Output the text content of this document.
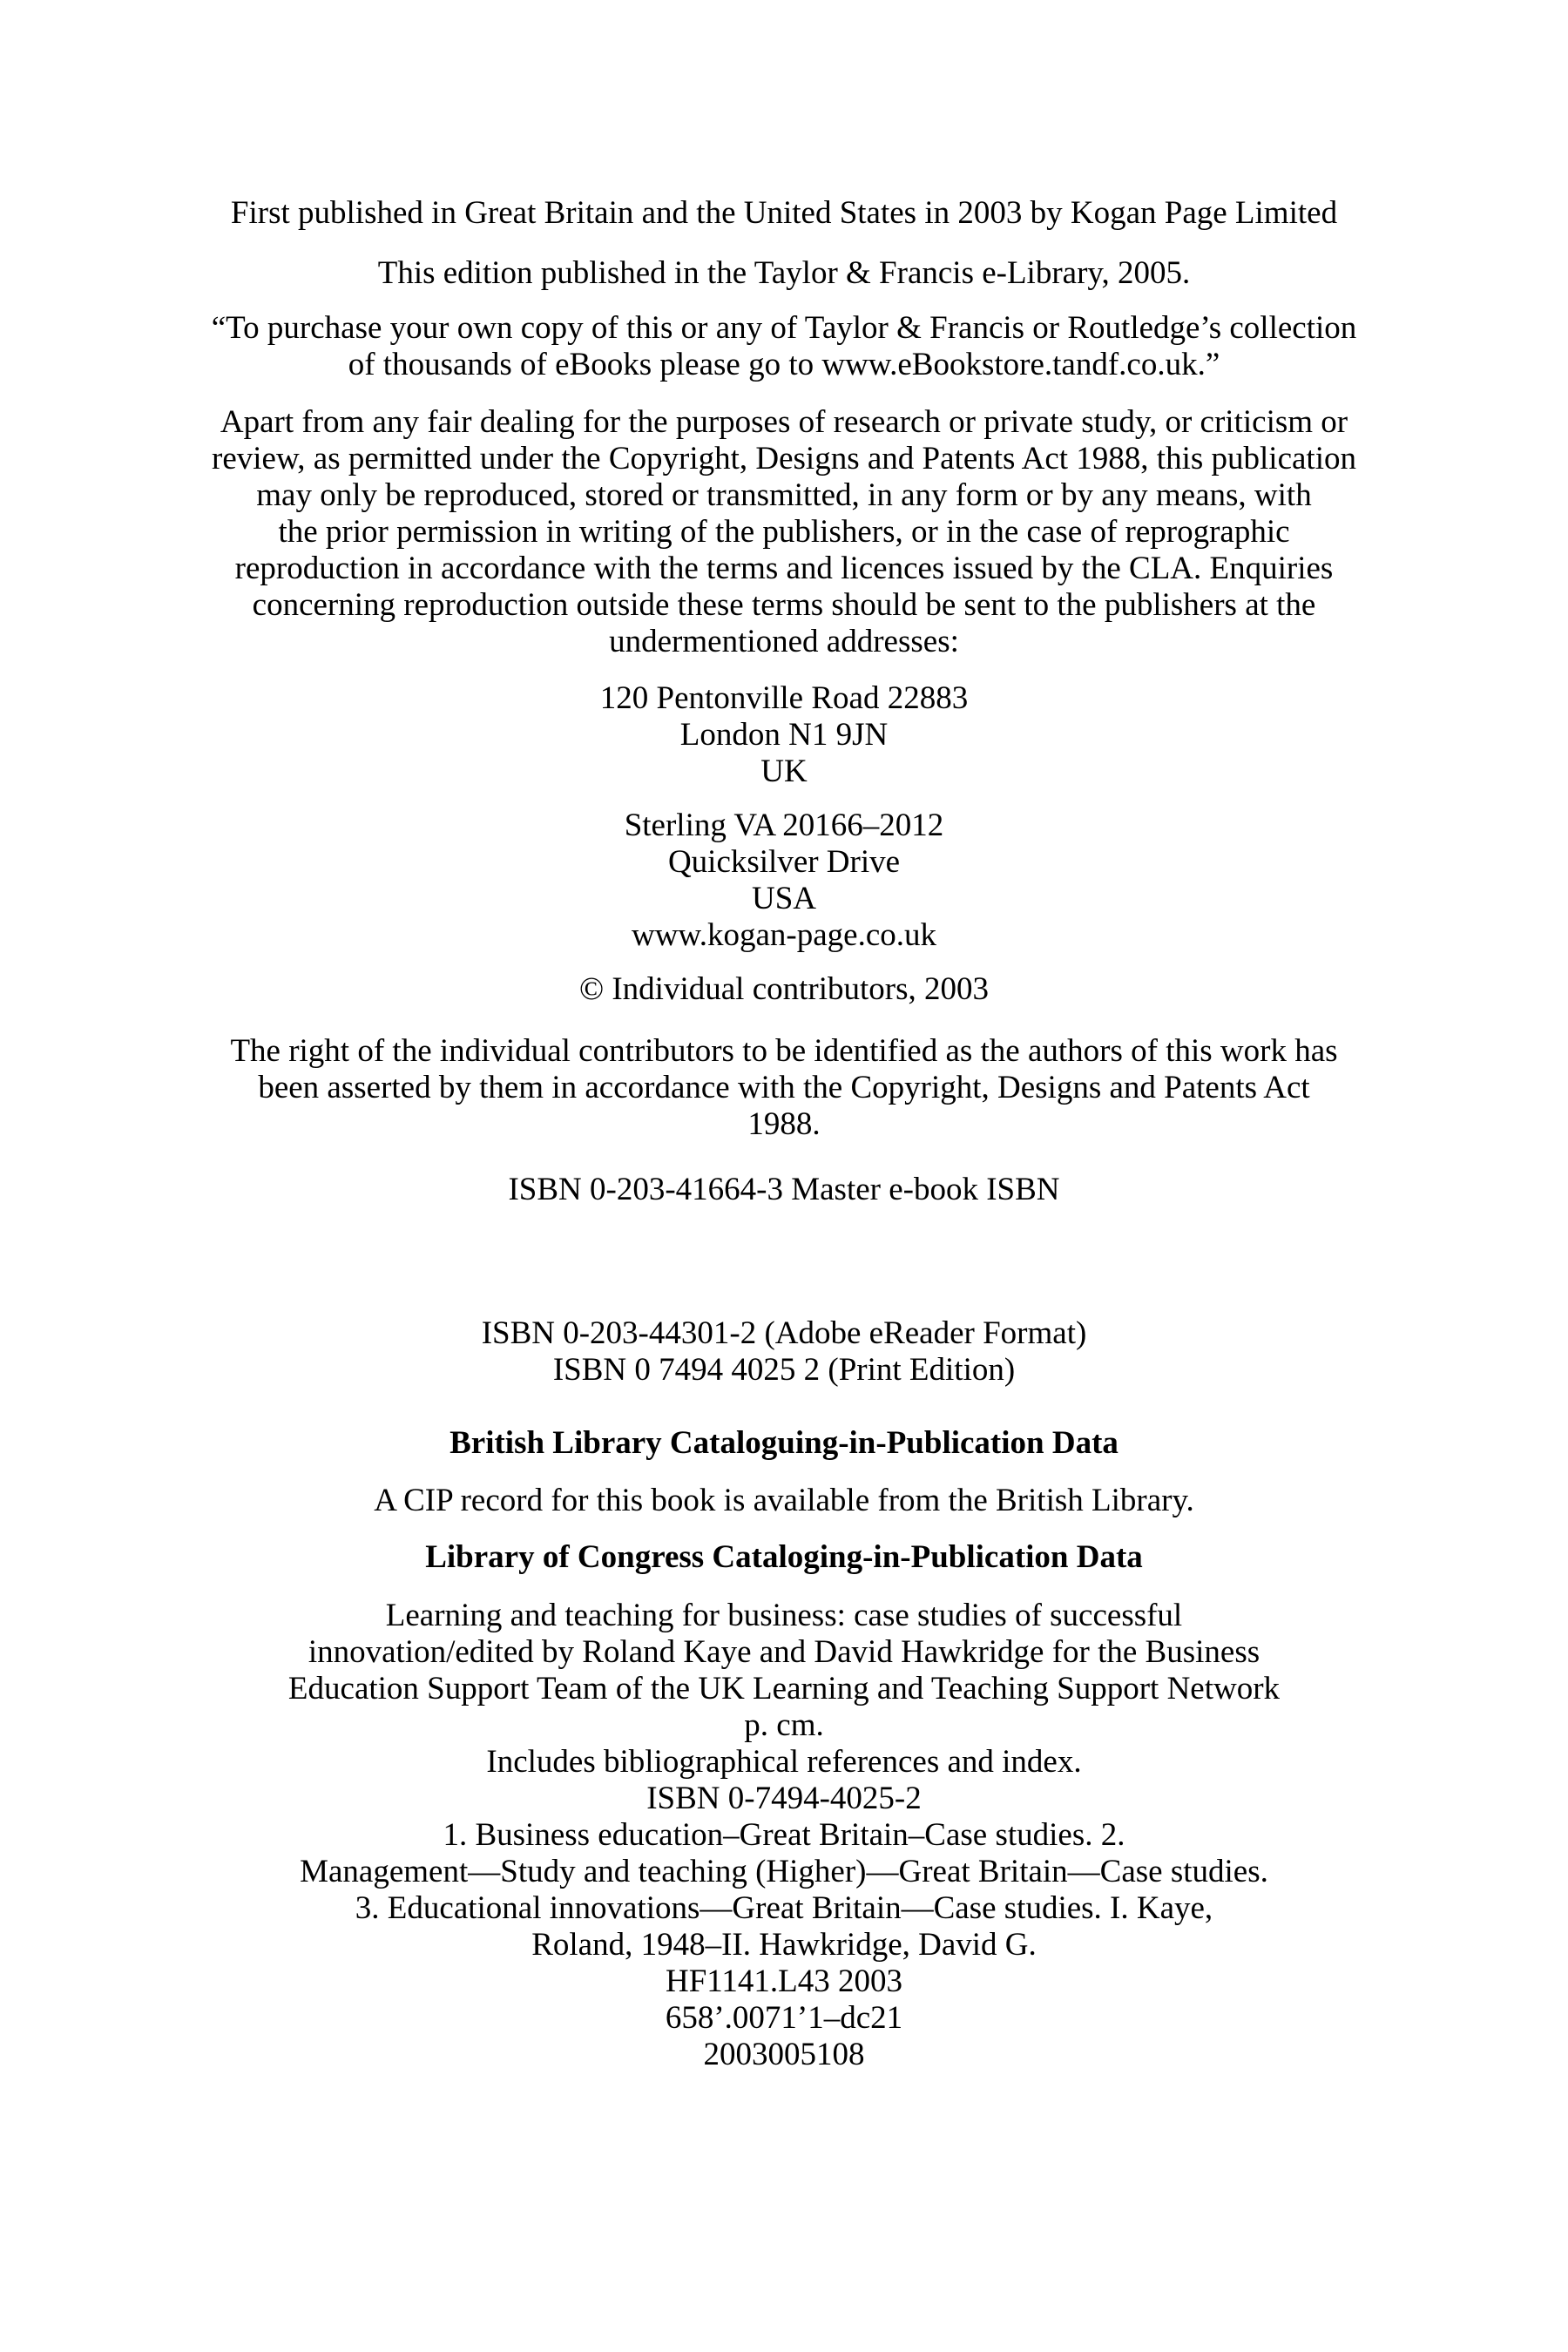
First published in Great Britain and the United States in 2003 by Kogan Page Limited
This edition published in the Taylor & Francis e-Library, 2005.
“To purchase your own copy of this or any of Taylor & Francis or Routledge’s collection
of thousands of eBooks please go to www.eBookstore.tandf.co.uk.”
Apart from any fair dealing for the purposes of research or private study, or criticism or
review, as permitted under the Copyright, Designs and Patents Act 1988, this publication
may only be reproduced, stored or transmitted, in any form or by any means, with
the prior permission in writing of the publishers, or in the case of reprographic
reproduction in accordance with the terms and licences issued by the CLA. Enquiries
concerning reproduction outside these terms should be sent to the publishers at the
undermentioned addresses:
120 Pentonville Road 22883
London N1 9JN
UK
Sterling VA 20166–2012
Quicksilver Drive
USA
www.kogan-page.co.uk
© Individual contributors, 2003
The right of the individual contributors to be identified as the authors of this work has
been asserted by them in accordance with the Copyright, Designs and Patents Act
1988.
ISBN 0-203-41664-3 Master e-book ISBN
ISBN 0-203-44301-2 (Adobe eReader Format)
ISBN 0 7494 4025 2 (Print Edition)
British Library Cataloguing-in-Publication Data
A CIP record for this book is available from the British Library.
Library of Congress Cataloging-in-Publication Data
Learning and teaching for business: case studies of successful
innovation/edited by Roland Kaye and David Hawkridge for the Business
Education Support Team of the UK Learning and Teaching Support Network
p. cm.
Includes bibliographical references and index.
ISBN 0-7494-4025-2
1. Business education–Great Britain–Case studies. 2.
Management—Study and teaching (Higher)—Great Britain—Case studies.
3. Educational innovations—Great Britain—Case studies. I. Kaye,
Roland, 1948–II. Hawkridge, David G.
HF1141.L43 2003
658’.0071’1–dc21
2003005108
